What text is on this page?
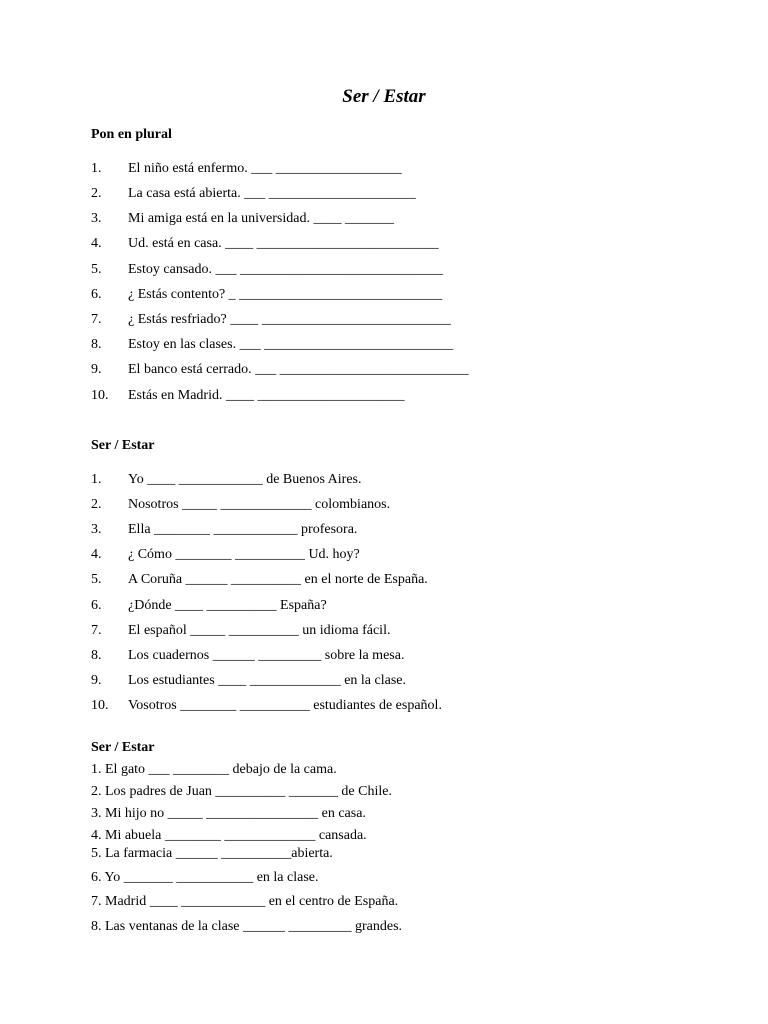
Ser / Estar

Pon en plural

1. El niño está enfermo. ___ __________________
2. La casa está abierta. ___ _____________________
3. Mi amiga está en la universidad. ____ _______
4. Ud. está en casa. ____ __________________________
5. Estoy cansado. ___ _____________________________
6. ¿ Estás contento? _ _____________________________
7. ¿ Estás resfriado? ____ ___________________________
8. Estoy en las clases. ___ ___________________________
9. El banco está cerrado. ___ ___________________________
10. Estás en Madrid. ____ _____________________

Ser / Estar

1. Yo ____ ____________ de Buenos Aires.
2. Nosotros _____ _____________ colombianos.
3. Ella ________ ____________ profesora.
4. ¿ Cómo ________ __________ Ud. hoy?
5. A Coruña ______ __________ en el norte de España.
6. ¿Dónde ____ __________ España?
7. El español _____ __________ un idioma fácil.
8. Los cuadernos ______ _________ sobre la mesa.
9. Los estudiantes ____ _____________ en la clase.
10. Vosotros ________ __________ estudiantes de español.

Ser / Estar

1. El gato ___ ________ debajo de la cama.
2. Los padres de Juan __________ _______ de Chile.
3. Mi hijo no _____ ________________ en casa.
4. Mi abuela ________ _____________ cansada.
5. La farmacia ______ __________abierta.
6. Yo _______ ___________ en la clase.
7. Madrid ____ ____________ en el centro de España.
8. Las ventanas de la clase ______ _________ grandes.
